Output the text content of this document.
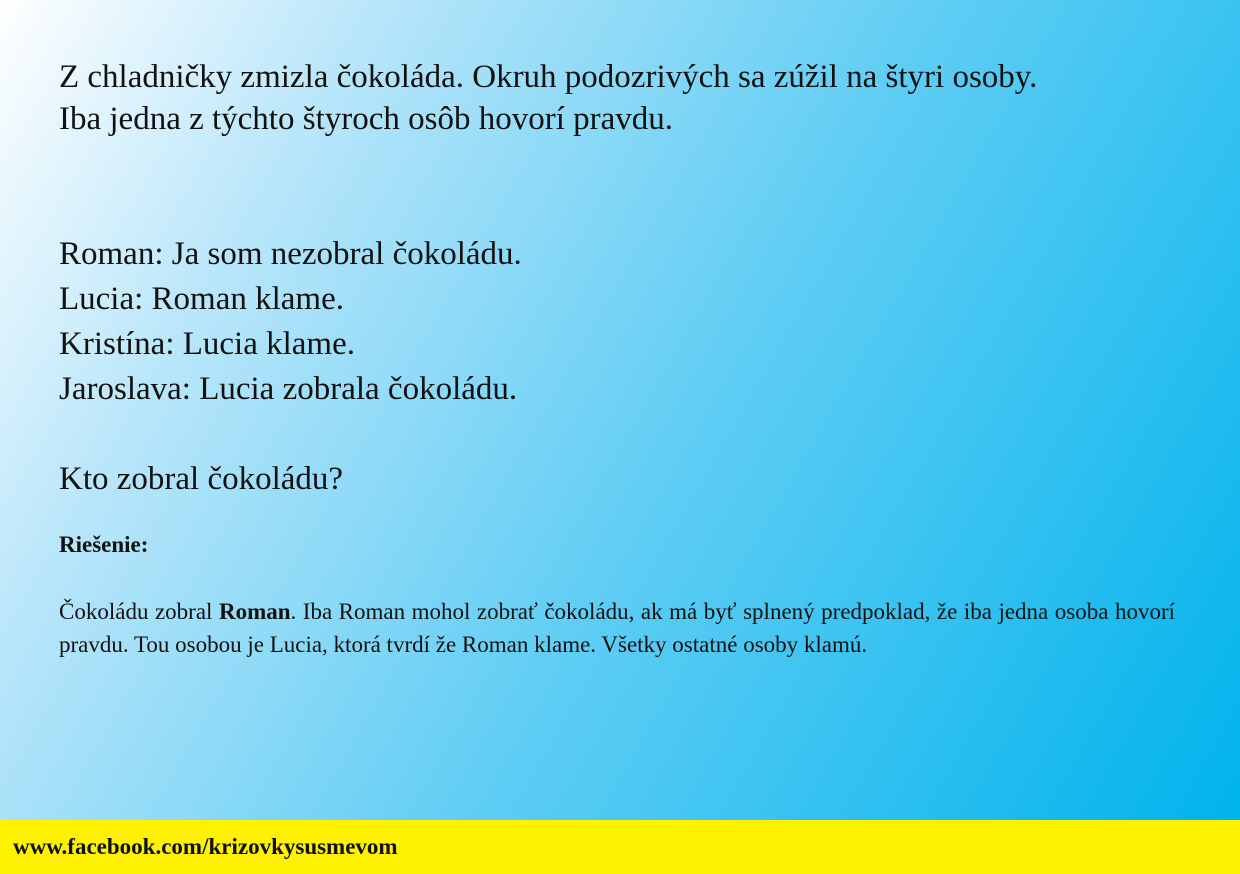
Z chladničky zmizla čokoláda. Okruh podozrivých sa zúžil na štyri osoby.
Iba jedna z týchto štyroch osôb hovorí pravdu.
Roman: Ja som nezobral čokoládu.
Lucia: Roman klame.
Kristína: Lucia klame.
Jaroslava: Lucia zobrala čokoládu.
Kto zobral čokoládu?
Riešenie:

Čokoládu zobral Roman. Iba Roman mohol zobrať čokoládu, ak má byť splnený predpoklad, že iba jedna osoba hovorí pravdu. Tou osobou je Lucia, ktorá tvrdí že Roman klame. Všetky ostatné osoby klamú.

www.facebook.com/krizovkysusmevom
